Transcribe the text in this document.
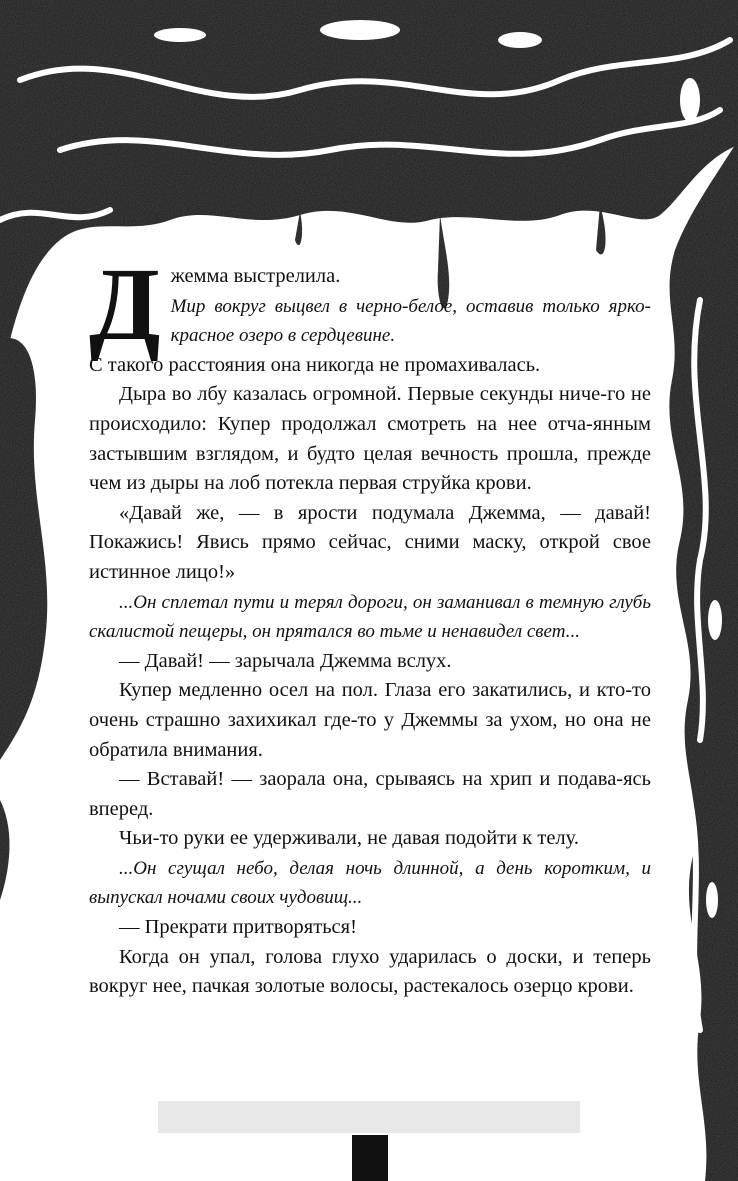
Д жемма выстрелила.

Мир вокруг выцвел в черно-белое, оставив только ярко-красное озеро в сердцевине.

С такого расстояния она никогда не промахивалась.

Дыра во лбу казалась огромной. Первые секунды ниче-го не происходило: Купер продолжал смотреть на нее отча-янным застывшим взглядом, и будто целая вечность прошла, прежде чем из дыры на лоб потекла первая струйка крови.

«Давай же, — в ярости подумала Джемма, — давай! Покажись! Явись прямо сейчас, сними маску, открой свое истинное лицо!»

...Он сплетал пути и терял дороги, он заманивал в темную глубь скалистой пещеры, он прятался во тьме и ненавидел свет...

— Давай! — зарычала Джемма вслух.

Купер медленно осел на пол. Глаза его закатились, и кто-то очень страшно захихикал где-то у Джеммы за ухом, но она не обратила внимания.

— Вставай! — заорала она, срываясь на хрип и подава-ясь вперед.

Чьи-то руки ее удерживали, не давая подойти к телу.

...Он сгущал небо, делая ночь длинной, а день коротким, и выпускал ночами своих чудовищ...

— Прекрати притворяться!

Когда он упал, голова глухо ударилась о доски, и теперь вокруг нее, пачкая золотые волосы, растекалось озерцо крови.
